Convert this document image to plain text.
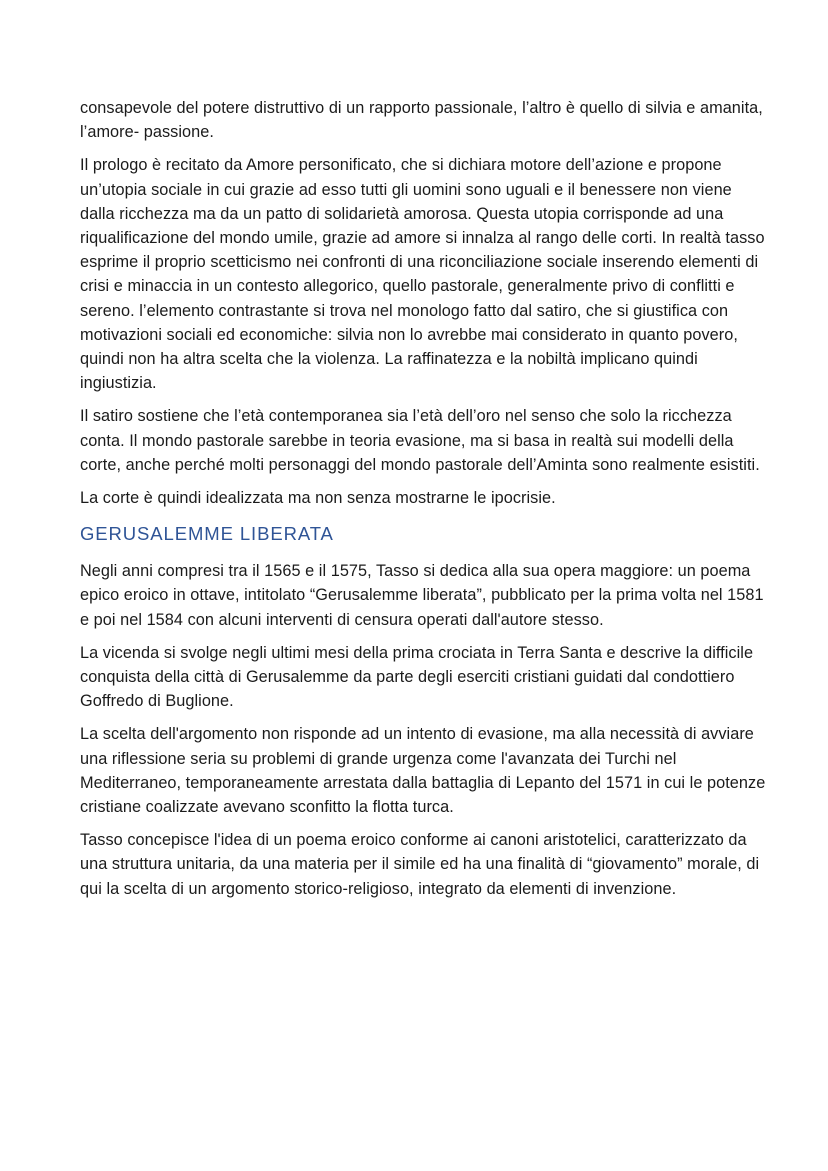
consapevole del potere distruttivo di un rapporto passionale, l’altro è quello di silvia e amanita, l’amore- passione.

Il prologo è recitato da Amore personificato, che si dichiara motore dell’azione e propone un’utopia sociale in cui grazie ad esso tutti gli uomini sono uguali e il benessere non viene dalla ricchezza ma da un patto di solidarietà amorosa. Questa utopia corrisponde ad una riqualificazione del mondo umile, grazie ad amore si innalza al rango delle corti. In realtà tasso esprime il proprio scetticismo nei confronti di una riconciliazione sociale inserendo elementi di crisi e minaccia in un contesto allegorico, quello pastorale, generalmente privo di conflitti e sereno. l’elemento contrastante si trova nel monologo fatto dal satiro, che si giustifica con motivazioni sociali ed economiche: silvia non lo avrebbe mai considerato in quanto povero, quindi non ha altra scelta che la violenza. La raffinatezza e la nobiltà implicano quindi ingiustizia.

Il satiro sostiene che l’età contemporanea sia l’età dell’oro nel senso che solo la ricchezza conta. Il mondo pastorale sarebbe in teoria evasione, ma si basa in realtà sui modelli della corte, anche perché molti personaggi del mondo pastorale dell’Aminta sono realmente esistiti.

La corte è quindi idealizzata ma non senza mostrarne le ipocrisie.

GERUSALEMME LIBERATA

Negli anni compresi tra il 1565 e il 1575, Tasso si dedica alla sua opera maggiore: un poema epico eroico in ottave, intitolato “Gerusalemme liberata”, pubblicato per la prima volta nel 1581 e poi nel 1584 con alcuni interventi di censura operati dall'autore stesso.

La vicenda si svolge negli ultimi mesi della prima crociata in Terra Santa e descrive la difficile conquista della città di Gerusalemme da parte degli eserciti cristiani guidati dal condottiero Goffredo di Buglione.

La scelta dell'argomento non risponde ad un intento di evasione, ma alla necessità di avviare una riflessione seria su problemi di grande urgenza come l'avanzata dei Turchi nel Mediterraneo, temporaneamente arrestata dalla battaglia di Lepanto del 1571 in cui le potenze cristiane coalizzate avevano sconfitto la flotta turca.

Tasso concepisce l'idea di un poema eroico conforme ai canoni aristotelici, caratterizzato da una struttura unitaria, da una materia per il simile ed ha una finalità di “giovamento” morale, di qui la scelta di un argomento storico-religioso, integrato da elementi di invenzione.
